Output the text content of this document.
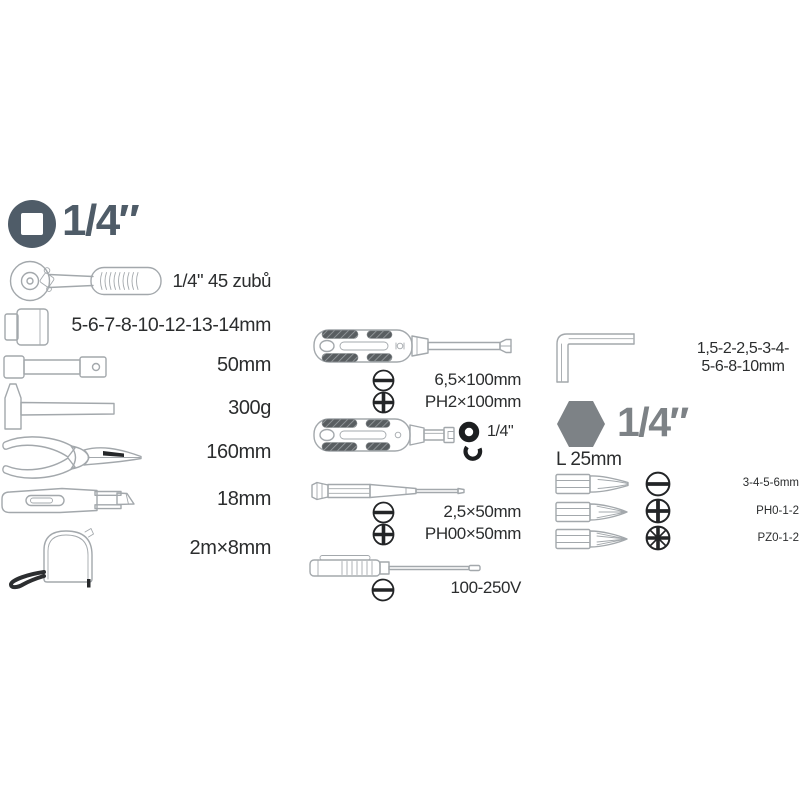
1/4″
1/4" 45 zubů
5-6-7-8-10-12-13-14mm
50mm
300g
160mm
18mm
2m×8mm
6,5×100mm
PH2×100mm
1/4"
2,5×50mm
PH00×50mm
100-250V
1,5-2-2,5-3-4-
5-6-8-10mm
1/4″
L 25mm
3-4-5-6mm
PH0-1-2
PZ0-1-2
